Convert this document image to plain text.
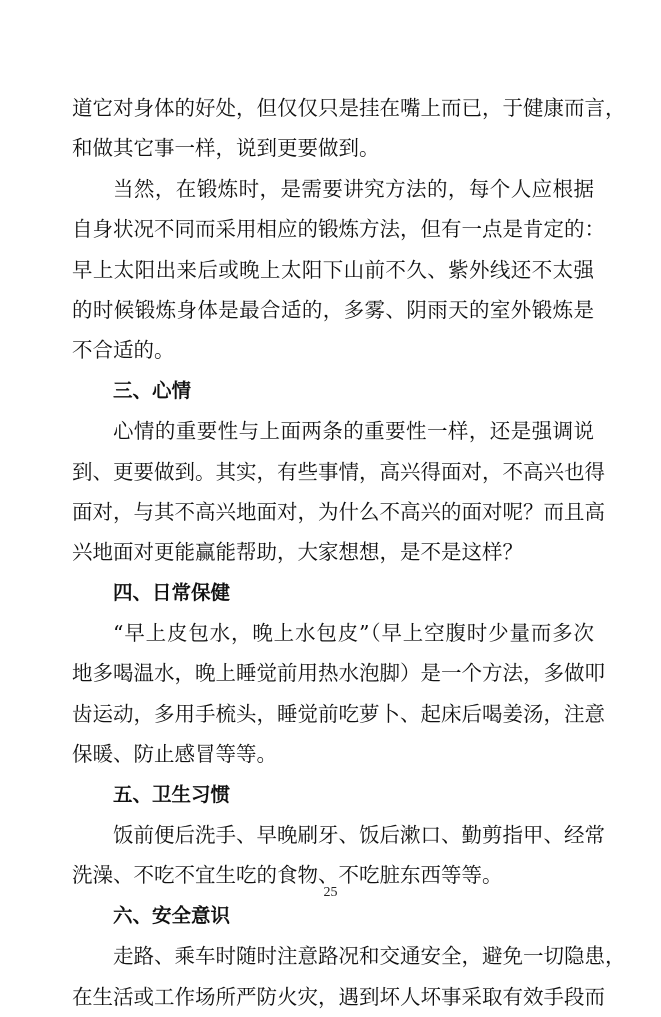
道它对身体的好处，但仅仅只是挂在嘴上而已，于健康而言，
和做其它事一样，说到更要做到。
当然，在锻炼时，是需要讲究方法的，每个人应根据
自身状况不同而采用相应的锻炼方法，但有一点是肯定的：
早上太阳出来后或晚上太阳下山前不久、紫外线还不太强
的时候锻炼身体是最合适的，多雾、阴雨天的室外锻炼是
不合适的。
三、心情
心情的重要性与上面两条的重要性一样，还是强调说
到、更要做到。其实，有些事情，高兴得面对，不高兴也得
面对，与其不高兴地面对，为什么不高兴的面对呢？而且高
兴地面对更能赢能帮助，大家想想，是不是这样？
四、日常保健
“早上皮包水，晚上水包皮”（早上空腹时少量而多次
地多喝温水，晚上睡觉前用热水泡脚）是一个方法，多做叩
齿运动，多用手梳头，睡觉前吃萝卜、起床后喝姜汤，注意
保暖、防止感冒等等。
五、卫生习惯
饭前便后洗手、早晚刷牙、饭后漱口、勤剪指甲、经常
洗澡、不吃不宜生吃的食物、不吃脏东西等等。
六、安全意识
走路、乘车时随时注意路况和交通安全，避免一切隐患，
在生活或工作场所严防火灾，遇到坏人坏事采取有效手段而
25
